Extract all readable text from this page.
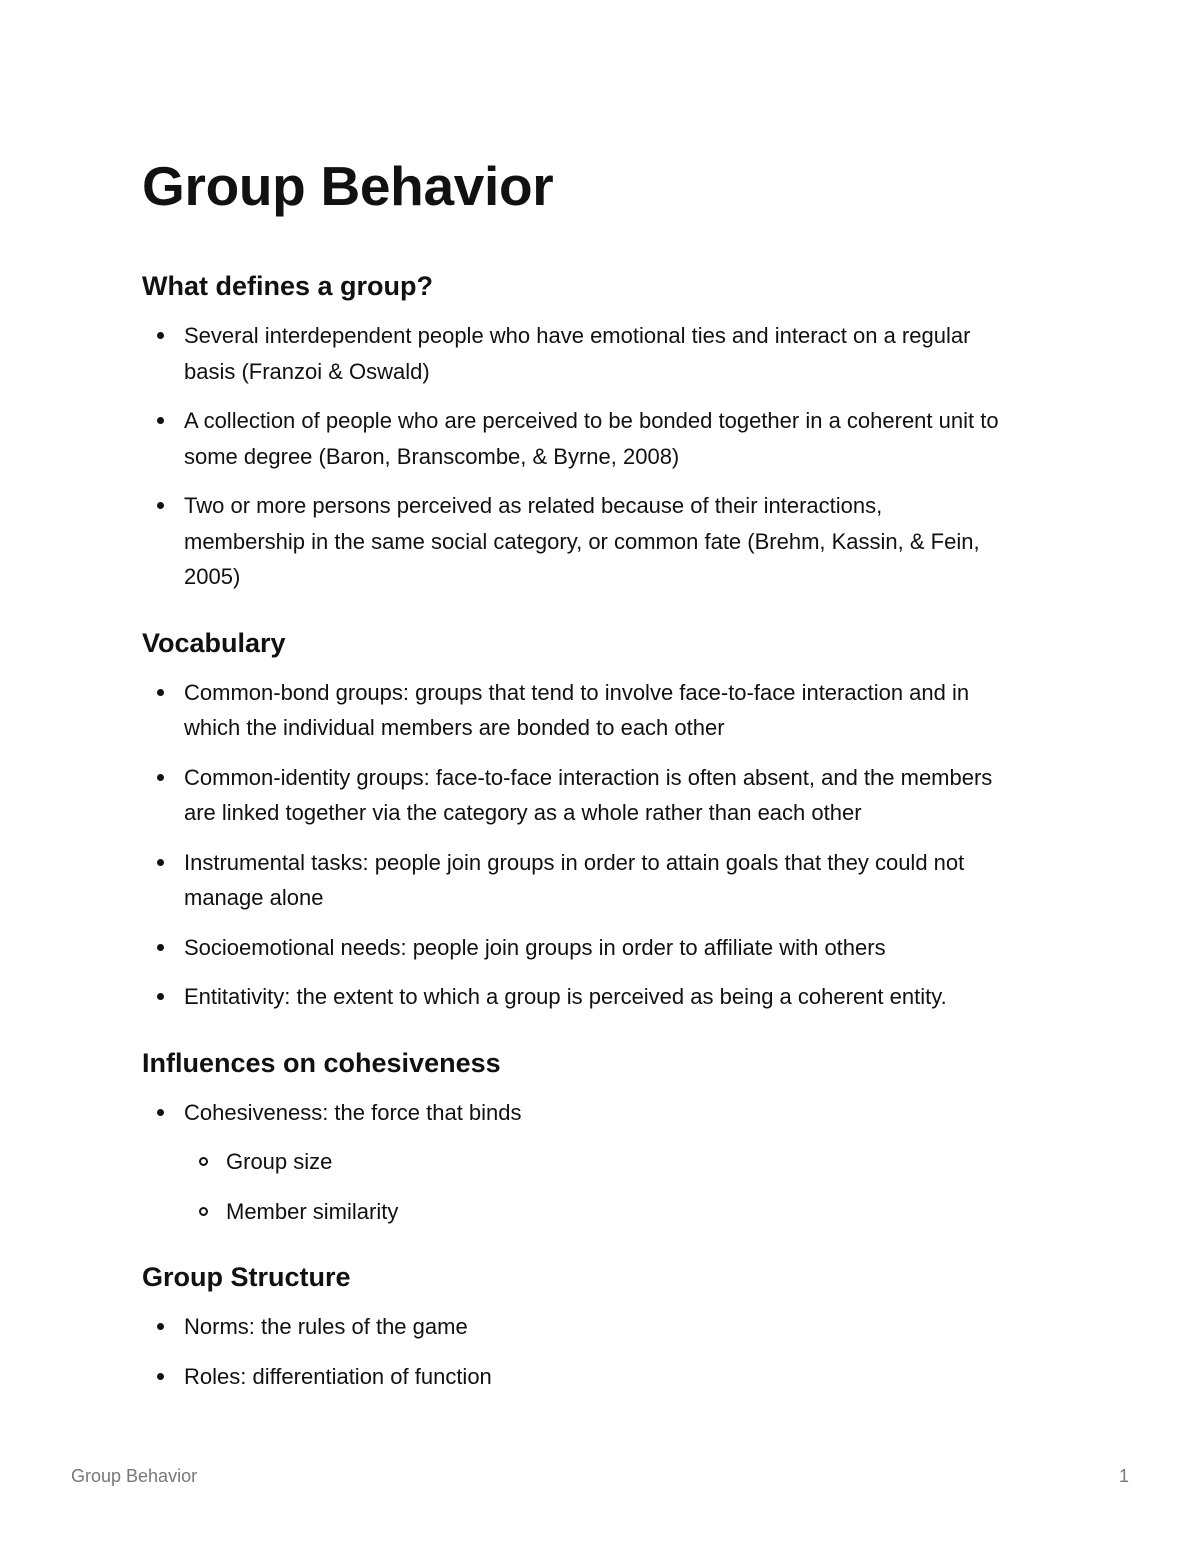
Group Behavior
What defines a group?
Several interdependent people who have emotional ties and interact on a regular
basis (Franzoi & Oswald)
A collection of people who are perceived to be bonded together in a coherent unit to
some degree (Baron, Branscombe, & Byrne, 2008)
Two or more persons perceived as related because of their interactions,
membership in the same social category, or common fate (Brehm, Kassin, & Fein,
2005)
Vocabulary
Common-bond groups: groups that tend to involve face-to-face interaction and in
which the individual members are bonded to each other
Common-identity groups: face-to-face interaction is often absent, and the members
are linked together via the category as a whole rather than each other
Instrumental tasks: people join groups in order to attain goals that they could not
manage alone
Socioemotional needs: people join groups in order to affiliate with others
Entitativity: the extent to which a group is perceived as being a coherent entity.
Influences on cohesiveness
Cohesiveness: the force that binds
Group size
Member similarity
Group Structure
Norms: the rules of the game
Roles: differentiation of function
Group Behavior	1
